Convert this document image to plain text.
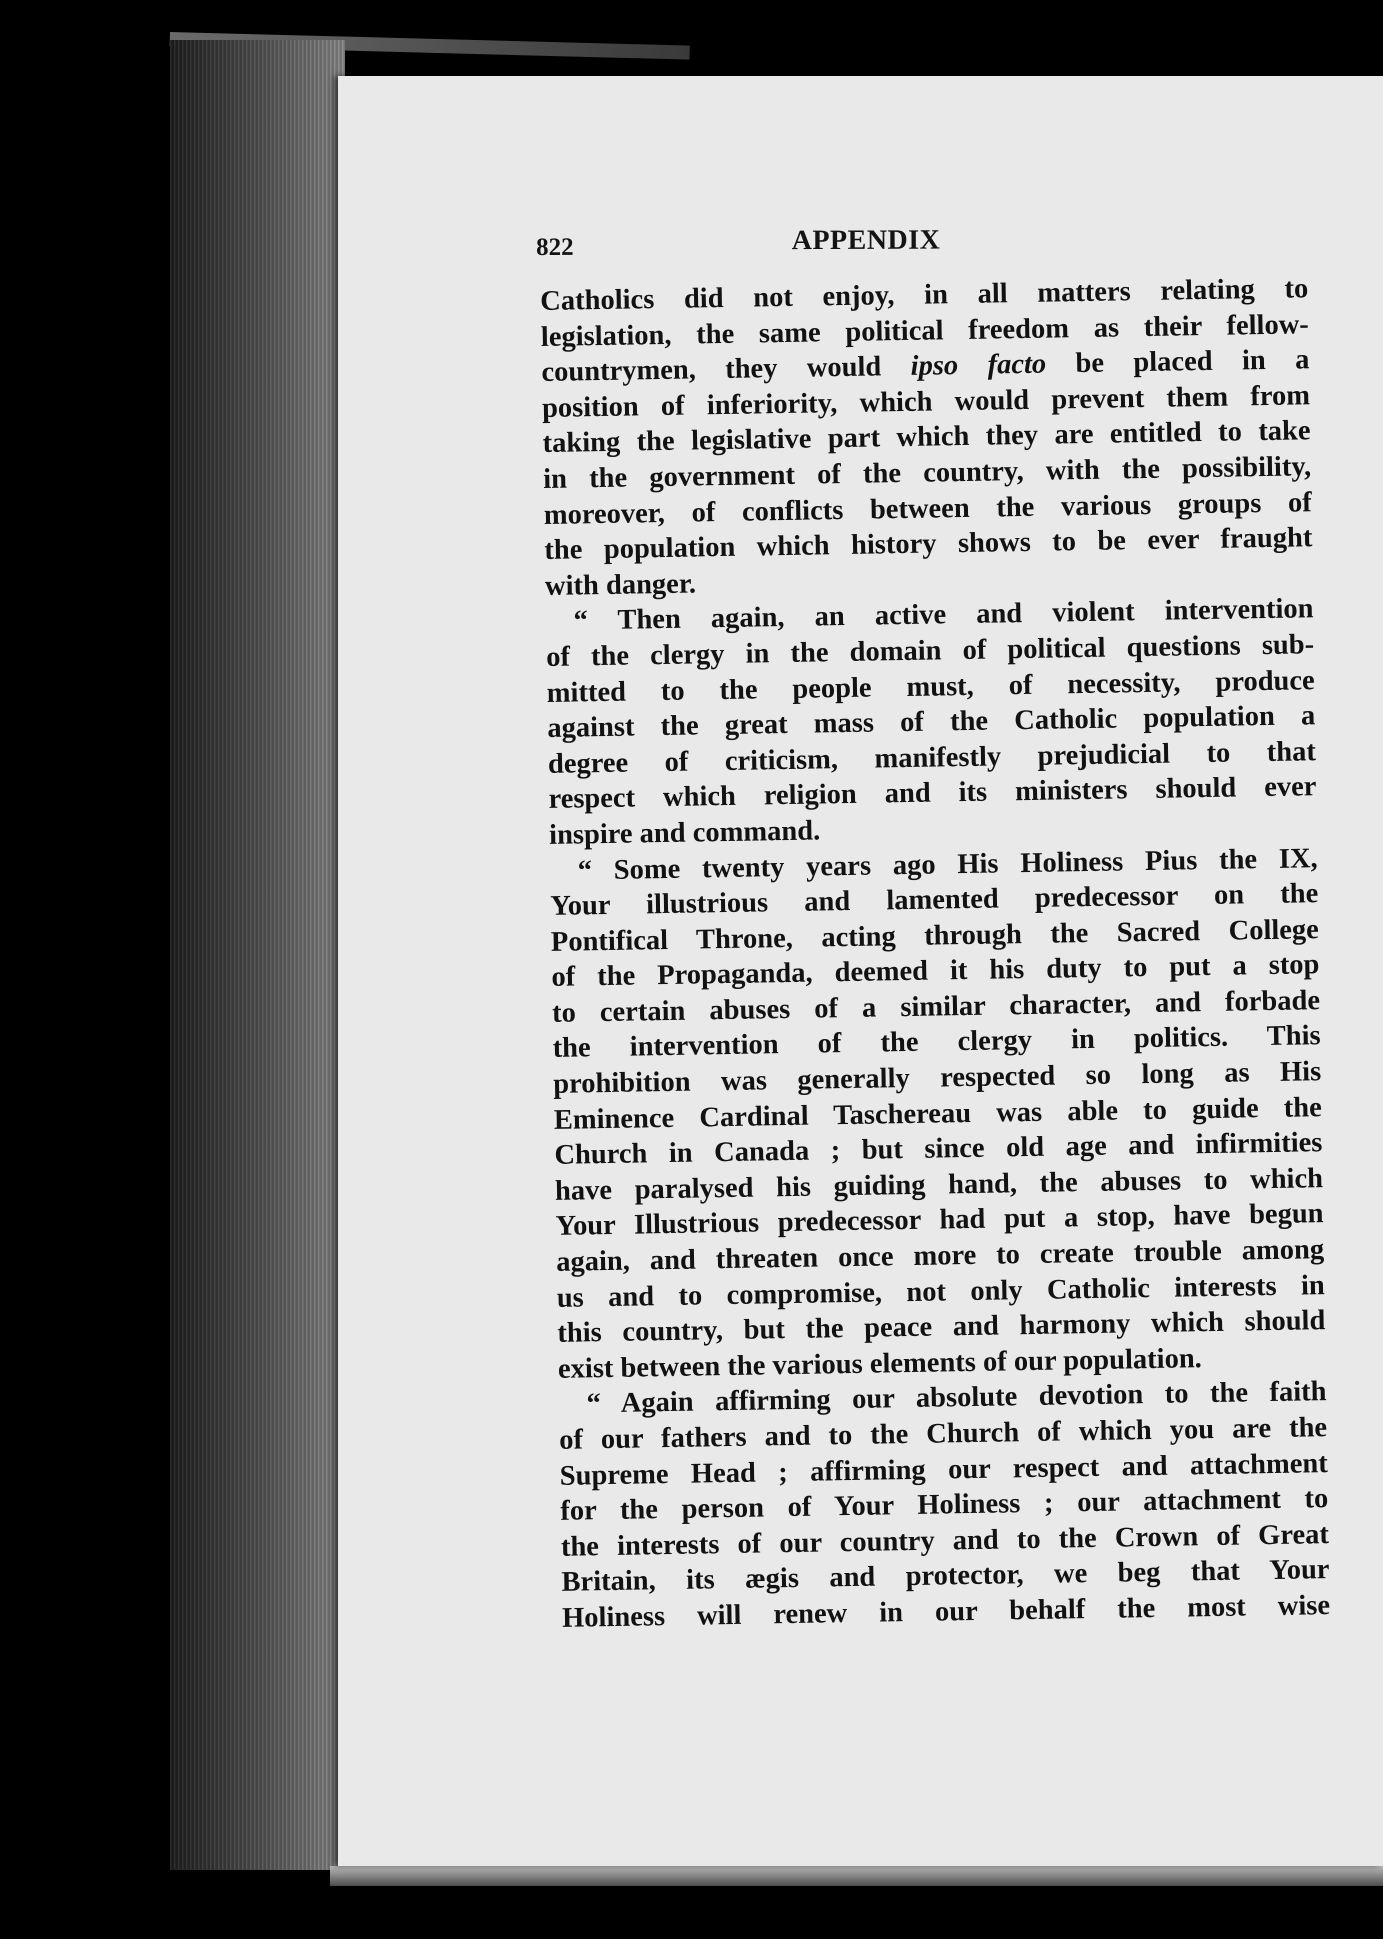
822	APPENDIX
Catholics did not enjoy, in all matters relating to
legislation, the same political freedom as their fellow-
countrymen, they would ipso facto be placed in a
position of inferiority, which would prevent them from
taking the legislative part which they are entitled to take
in the government of the country, with the possibility,
moreover, of conflicts between the various groups of
the population which history shows to be ever fraught
with danger.
“ Then again, an active and violent intervention
of the clergy in the domain of political questions sub-
mitted to the people must, of necessity, produce
against the great mass of the Catholic population a
degree of criticism, manifestly prejudicial to that
respect which religion and its ministers should ever
inspire and command.
“ Some twenty years ago His Holiness Pius the IX,
Your illustrious and lamented predecessor on the
Pontifical Throne, acting through the Sacred College
of the Propaganda, deemed it his duty to put a stop
to certain abuses of a similar character, and forbade
the intervention of the clergy in politics. This
prohibition was generally respected so long as His
Eminence Cardinal Taschereau was able to guide the
Church in Canada ; but since old age and infirmities
have paralysed his guiding hand, the abuses to which
Your Illustrious predecessor had put a stop, have begun
again, and threaten once more to create trouble among
us and to compromise, not only Catholic interests in
this country, but the peace and harmony which should
exist between the various elements of our population.
“ Again affirming our absolute devotion to the faith
of our fathers and to the Church of which you are the
Supreme Head ; affirming our respect and attachment
for the person of Your Holiness ; our attachment to
the interests of our country and to the Crown of Great
Britain, its ægis and protector, we beg that Your
Holiness will renew in our behalf the most wise
